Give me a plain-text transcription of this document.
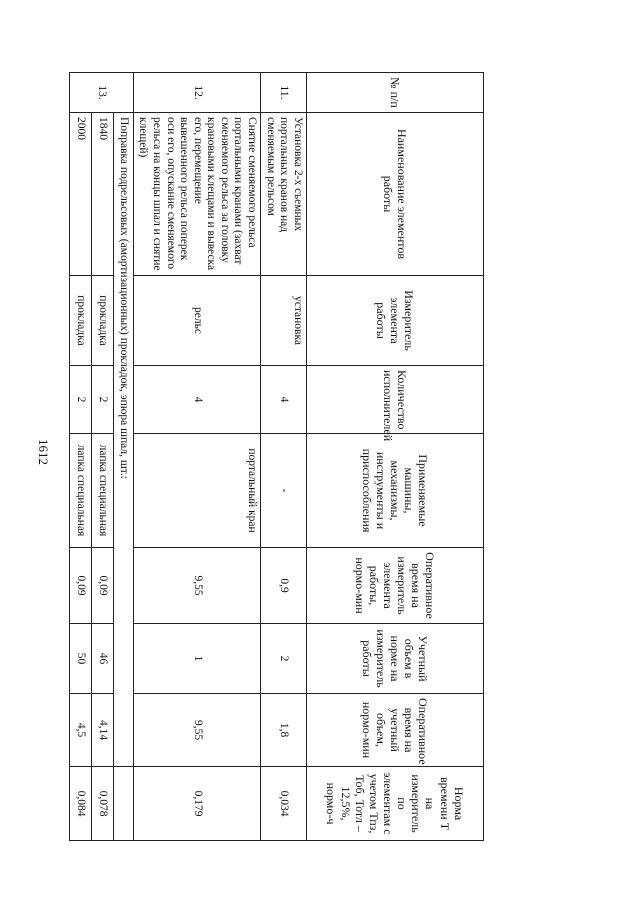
1612
№ п/п	Наименование элементов работы	Измеритель элемента работы	Количество исполнителей	Применяемые машины, механизмы, инструменты и приспособления	Оперативное время на измеритель элемента работы, нормо-мин	Учетный объем в норме на измеритель работы	Оперативное время на учетный объем, нормо-мин	Норма времени Т на измеритель по элементам с учетом Тпз, Тоб, Тотл – 12,5%, нормо-ч
11.	Установка 2-х съемных портальных кранов над сменяемым рельсом	установка	4	-	0,9	2	1,8	0,034
12.	Снятие сменяемого рельса портальными кранами (захват сменяемого рельса за головку крановыми клещами и вывеска его, перемещение вывешенного рельса поперек оси его, опускание сменяемого рельса на концы шпал и снятие клещей)	рельс	4	портальный кран	9,55	1	9,55	0,179
13.	Поправка подрельсовых (амортизационных) прокладок, эпюра шпал, шт.:							
	1840	прокладка	2	лапка специальная	0,09	46	4,14	0,078
	2000	прокладка	2	лапка специальная	0,09	50	4,5	0,084
